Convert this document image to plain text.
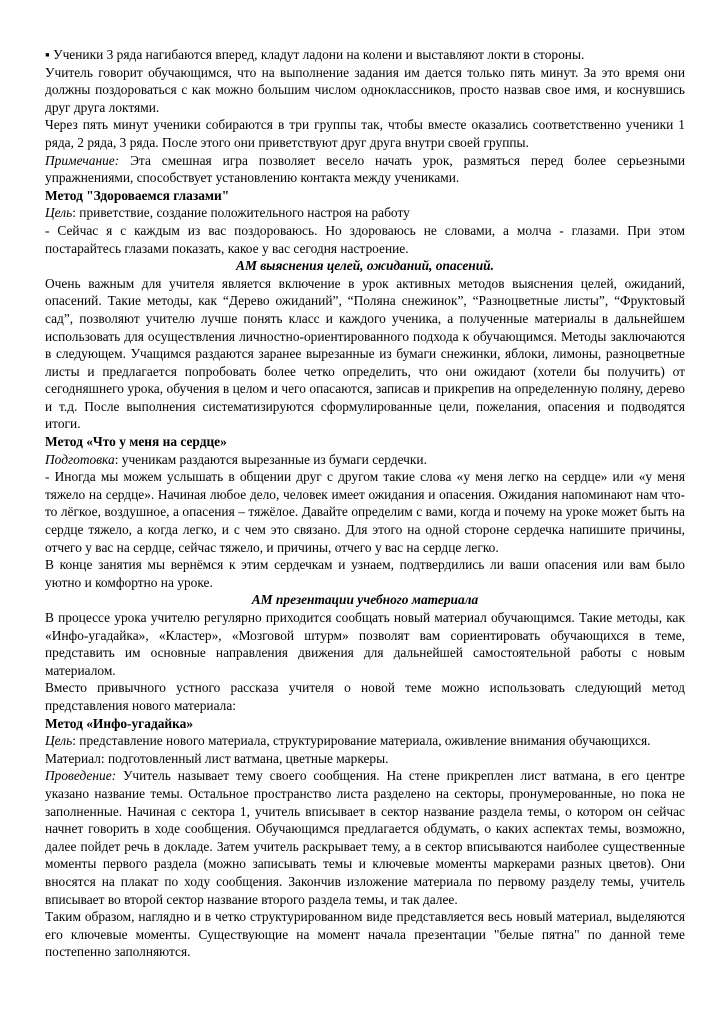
▪ Ученики 3 ряда нагибаются вперед, кладут ладони на колени и выставляют локти в стороны.

Учитель говорит обучающимся, что на выполнение задания им дается только пять минут. За это время они должны поздороваться с как можно большим числом одноклассников, просто назвав свое имя, и коснувшись друг друга локтями.

Через пять минут ученики собираются в три группы так, чтобы вместе оказались соответственно ученики 1 ряда, 2 ряда, 3 ряда. После этого они приветствуют друг друга внутри своей группы.

Примечание: Эта смешная игра позволяет весело начать урок, размяться перед более серьезными упражнениями, способствует установлению контакта между учениками.

Метод "Здороваемся глазами"

Цель: приветствие, создание положительного настроя на работу

- Сейчас я с каждым из вас поздороваюсь. Но здороваюсь не словами, а молча - глазами. При этом постарайтесь глазами показать, какое у вас сегодня настроение.

АМ выяснения целей, ожиданий, опасений.

Очень важным для учителя является включение в урок активных методов выяснения целей, ожиданий, опасений. Такие методы, как “Дерево ожиданий”, “Поляна снежинок”, “Разноцветные листы”, “Фруктовый сад”, позволяют учителю лучше понять класс и каждого ученика, а полученные материалы в дальнейшем использовать для осуществления личностно-ориентированного подхода к обучающимся. Методы заключаются в следующем. Учащимся раздаются заранее вырезанные из бумаги снежинки, яблоки, лимоны, разноцветные листы и предлагается попробовать более четко определить, что они ожидают (хотели бы получить) от сегодняшнего урока, обучения в целом и чего опасаются, записав и прикрепив на определенную поляну, дерево и т.д. После выполнения систематизируются сформулированные цели, пожелания, опасения и подводятся итоги.

Метод «Что у меня на сердце»

Подготовка: ученикам раздаются вырезанные из бумаги сердечки.

- Иногда мы можем услышать в общении друг с другом такие слова «у меня легко на сердце» или «у меня тяжело на сердце». Начиная любое дело, человек имеет ожидания и опасения. Ожидания напоминают нам что-то лёгкое, воздушное, а опасения – тяжёлое. Давайте определим с вами, когда и почему на уроке может быть на сердце тяжело, а когда легко, и с чем это связано. Для этого на одной стороне сердечка напишите причины, отчего у вас на сердце, сейчас тяжело, и причины, отчего у вас на сердце легко.

В конце занятия мы вернёмся к этим сердечкам и узнаем, подтвердились ли ваши опасения или вам было уютно и комфортно на уроке.

АМ презентации учебного материала

В процессе урока учителю регулярно приходится сообщать новый материал обучающимся. Такие методы, как «Инфо-угадайка», «Кластер», «Мозговой штурм» позволят вам сориентировать обучающихся в теме, представить им основные направления движения для дальнейшей самостоятельной работы с новым материалом.

Вместо привычного устного рассказа учителя о новой теме можно использовать следующий метод представления нового материала:

Метод «Инфо-угадайка»

Цель: представление нового материала, структурирование материала, оживление внимания обучающихся.

Материал: подготовленный лист ватмана, цветные маркеры.

Проведение: Учитель называет тему своего сообщения. На стене прикреплен лист ватмана, в его центре указано название темы. Остальное пространство листа разделено на секторы, пронумерованные, но пока не заполненные. Начиная с сектора 1, учитель вписывает в сектор название раздела темы, о котором он сейчас начнет говорить в ходе сообщения. Обучающимся предлагается обдумать, о каких аспектах темы, возможно, далее пойдет речь в докладе. Затем учитель раскрывает тему, а в сектор вписываются наиболее существенные моменты первого раздела (можно записывать темы и ключевые моменты маркерами разных цветов). Они вносятся на плакат по ходу сообщения. Закончив изложение материала по первому разделу темы, учитель вписывает во второй сектор название второго раздела темы, и так далее.

Таким образом, наглядно и в четко структурированном виде представляется весь новый материал, выделяются его ключевые моменты. Существующие на момент начала презентации "белые пятна" по данной теме постепенно заполняются.
